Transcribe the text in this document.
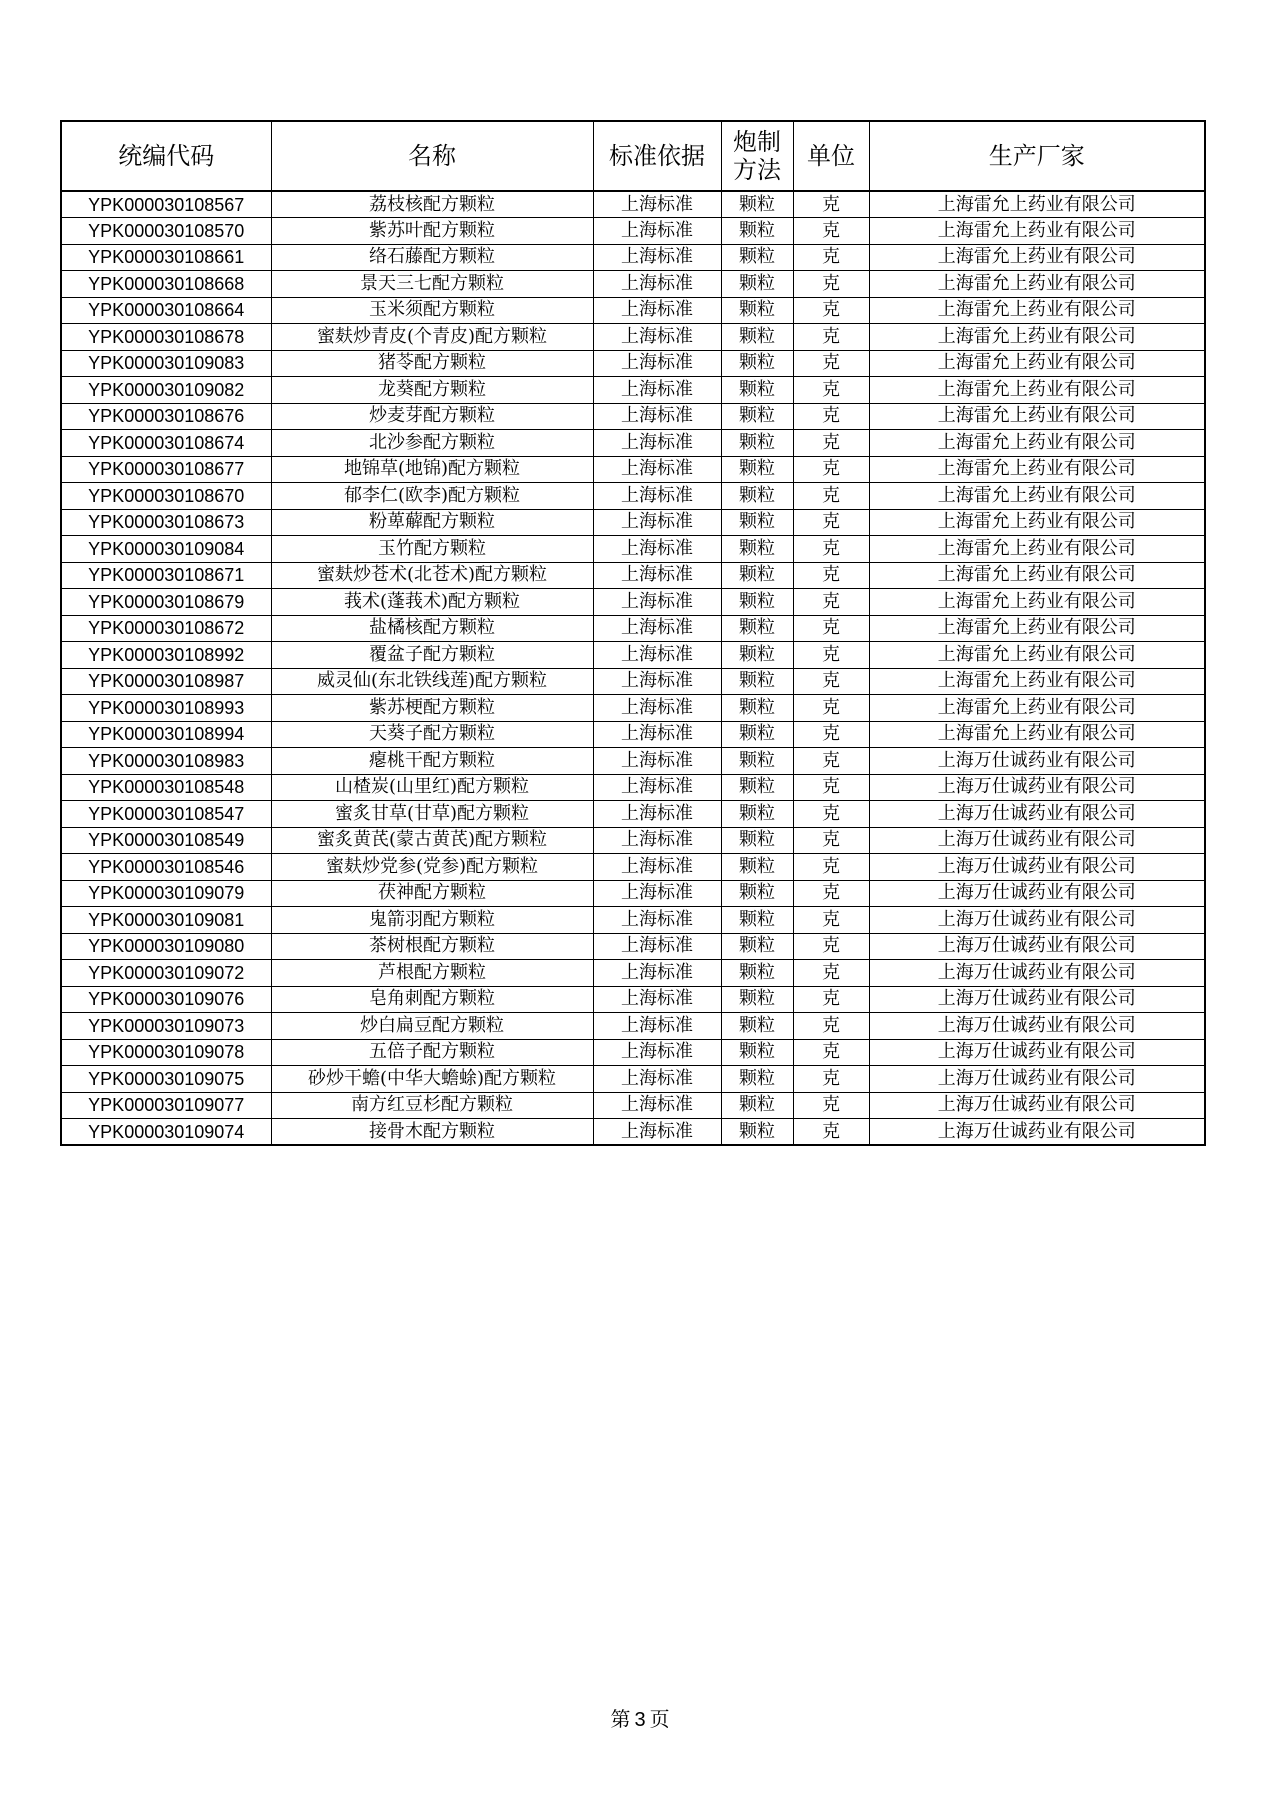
统编代码	名称	标准依据	炮制方法	单位	生产厂家
YPK000030108567	荔枝核配方颗粒	上海标准	颗粒	克	上海雷允上药业有限公司
YPK000030108570	紫苏叶配方颗粒	上海标准	颗粒	克	上海雷允上药业有限公司
YPK000030108661	络石藤配方颗粒	上海标准	颗粒	克	上海雷允上药业有限公司
YPK000030108668	景天三七配方颗粒	上海标准	颗粒	克	上海雷允上药业有限公司
YPK000030108664	玉米须配方颗粒	上海标准	颗粒	克	上海雷允上药业有限公司
YPK000030108678	蜜麸炒青皮(个青皮)配方颗粒	上海标准	颗粒	克	上海雷允上药业有限公司
YPK000030109083	猪苓配方颗粒	上海标准	颗粒	克	上海雷允上药业有限公司
YPK000030109082	龙葵配方颗粒	上海标准	颗粒	克	上海雷允上药业有限公司
YPK000030108676	炒麦芽配方颗粒	上海标准	颗粒	克	上海雷允上药业有限公司
YPK000030108674	北沙参配方颗粒	上海标准	颗粒	克	上海雷允上药业有限公司
YPK000030108677	地锦草(地锦)配方颗粒	上海标准	颗粒	克	上海雷允上药业有限公司
YPK000030108670	郁李仁(欧李)配方颗粒	上海标准	颗粒	克	上海雷允上药业有限公司
YPK000030108673	粉萆薢配方颗粒	上海标准	颗粒	克	上海雷允上药业有限公司
YPK000030109084	玉竹配方颗粒	上海标准	颗粒	克	上海雷允上药业有限公司
YPK000030108671	蜜麸炒苍术(北苍术)配方颗粒	上海标准	颗粒	克	上海雷允上药业有限公司
YPK000030108679	莪术(蓬莪术)配方颗粒	上海标准	颗粒	克	上海雷允上药业有限公司
YPK000030108672	盐橘核配方颗粒	上海标准	颗粒	克	上海雷允上药业有限公司
YPK000030108992	覆盆子配方颗粒	上海标准	颗粒	克	上海雷允上药业有限公司
YPK000030108987	威灵仙(东北铁线莲)配方颗粒	上海标准	颗粒	克	上海雷允上药业有限公司
YPK000030108993	紫苏梗配方颗粒	上海标准	颗粒	克	上海雷允上药业有限公司
YPK000030108994	天葵子配方颗粒	上海标准	颗粒	克	上海雷允上药业有限公司
YPK000030108983	瘪桃干配方颗粒	上海标准	颗粒	克	上海万仕诚药业有限公司
YPK000030108548	山楂炭(山里红)配方颗粒	上海标准	颗粒	克	上海万仕诚药业有限公司
YPK000030108547	蜜炙甘草(甘草)配方颗粒	上海标准	颗粒	克	上海万仕诚药业有限公司
YPK000030108549	蜜炙黄芪(蒙古黄芪)配方颗粒	上海标准	颗粒	克	上海万仕诚药业有限公司
YPK000030108546	蜜麸炒党参(党参)配方颗粒	上海标准	颗粒	克	上海万仕诚药业有限公司
YPK000030109079	茯神配方颗粒	上海标准	颗粒	克	上海万仕诚药业有限公司
YPK000030109081	鬼箭羽配方颗粒	上海标准	颗粒	克	上海万仕诚药业有限公司
YPK000030109080	茶树根配方颗粒	上海标准	颗粒	克	上海万仕诚药业有限公司
YPK000030109072	芦根配方颗粒	上海标准	颗粒	克	上海万仕诚药业有限公司
YPK000030109076	皂角刺配方颗粒	上海标准	颗粒	克	上海万仕诚药业有限公司
YPK000030109073	炒白扁豆配方颗粒	上海标准	颗粒	克	上海万仕诚药业有限公司
YPK000030109078	五倍子配方颗粒	上海标准	颗粒	克	上海万仕诚药业有限公司
YPK000030109075	砂炒干蟾(中华大蟾蜍)配方颗粒	上海标准	颗粒	克	上海万仕诚药业有限公司
YPK000030109077	南方红豆杉配方颗粒	上海标准	颗粒	克	上海万仕诚药业有限公司
YPK000030109074	接骨木配方颗粒	上海标准	颗粒	克	上海万仕诚药业有限公司
第 3 页
